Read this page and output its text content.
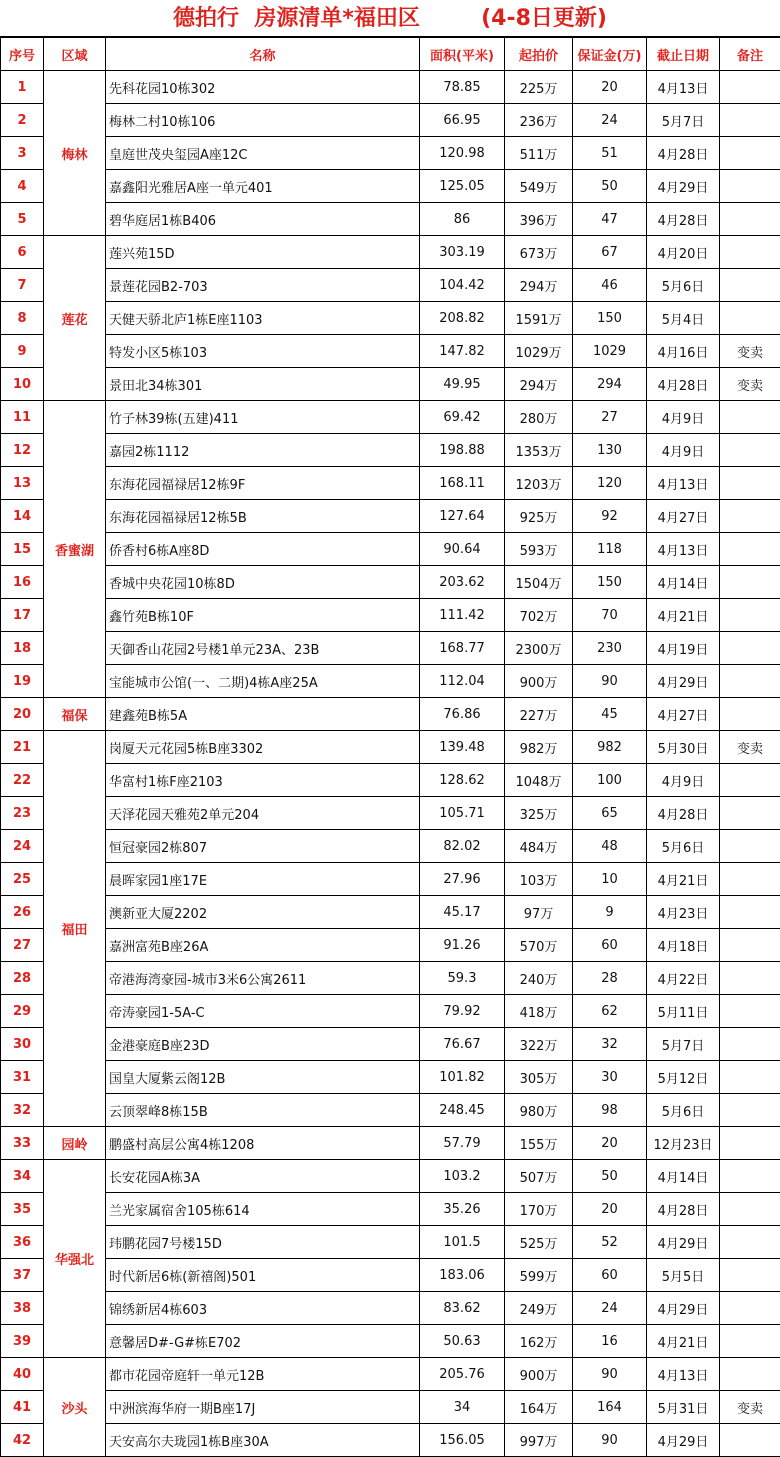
德拍行  房源清单*福田区        (4-8日更新)
序号	区域	名称	面积(平米)	起拍价	保证金(万)	截止日期	备注
1	梅林	先科花园10栋302	78.85	225万	20	4月13日	
2		梅林二村10栋106	66.95	236万	24	5月7日	
3		皇庭世茂央玺园A座12C	120.98	511万	51	4月28日	
4		嘉鑫阳光雅居A座一单元401	125.05	549万	50	4月29日	
5		碧华庭居1栋B406	86	396万	47	4月28日	
6	莲花	莲兴苑15D	303.19	673万	67	4月20日	
7		景莲花园B2-703	104.42	294万	46	5月6日	
8		天健天骄北庐1栋E座1103	208.82	1591万	150	5月4日	
9		特发小区5栋103	147.82	1029万	1029	4月16日	变卖
10		景田北34栋301	49.95	294万	294	4月28日	变卖
11	香蜜湖	竹子林39栋(五建)411	69.42	280万	27	4月9日	
12		嘉园2栋1112	198.88	1353万	130	4月9日	
13		东海花园福禄居12栋9F	168.11	1203万	120	4月13日	
14		东海花园福禄居12栋5B	127.64	925万	92	4月27日	
15		侨香村6栋A座8D	90.64	593万	118	4月13日	
16		香城中央花园10栋8D	203.62	1504万	150	4月14日	
17		鑫竹苑B栋10F	111.42	702万	70	4月21日	
18		天御香山花园2号楼1单元23A、23B	168.77	2300万	230	4月19日	
19		宝能城市公馆(一、二期)4栋A座25A	112.04	900万	90	4月29日	
20	福保	建鑫苑B栋5A	76.86	227万	45	4月27日	
21	福田	岗厦天元花园5栋B座3302	139.48	982万	982	5月30日	变卖
22		华富村1栋F座2103	128.62	1048万	100	4月9日	
23		天泽花园天雅苑2单元204	105.71	325万	65	4月28日	
24		恒冠豪园2栋807	82.02	484万	48	5月6日	
25		晨晖家园1座17E	27.96	103万	10	4月21日	
26		澳新亚大厦2202	45.17	97万	9	4月23日	
27		嘉洲富苑B座26A	91.26	570万	60	4月18日	
28		帝港海湾豪园-城市3米6公寓2611	59.3	240万	28	4月22日	
29		帝涛豪园1-5A-C	79.92	418万	62	5月11日	
30		金港豪庭B座23D	76.67	322万	32	5月7日	
31		国皇大厦紫云阁12B	101.82	305万	30	5月12日	
32		云顶翠峰8栋15B	248.45	980万	98	5月6日	
33	园岭	鹏盛村高层公寓4栋1208	57.79	155万	20	12月23日	
34	华强北	长安花园A栋3A	103.2	507万	50	4月14日	
35		兰光家属宿舍105栋614	35.26	170万	20	4月28日	
36		玮鹏花园7号楼15D	101.5	525万	52	4月29日	
37		时代新居6栋(新禧阁)501	183.06	599万	60	5月5日	
38		锦绣新居4栋603	83.62	249万	24	4月29日	
39		意馨居D#-G#栋E702	50.63	162万	16	4月21日	
40	沙头	都市花园帝庭轩一单元12B	205.76	900万	90	4月13日	
41		中洲滨海华府一期B座17J	34	164万	164	5月31日	变卖
42		天安高尔夫珑园1栋B座30A	156.05	997万	90	4月29日	
